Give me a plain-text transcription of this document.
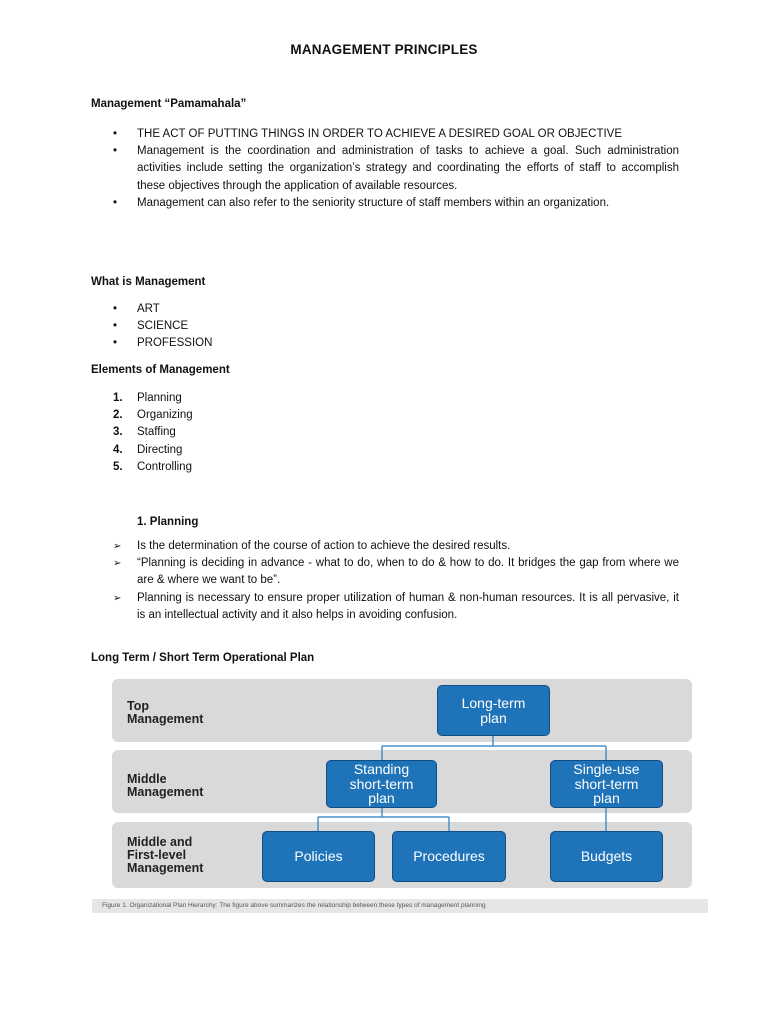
MANAGEMENT PRINCIPLES
Management “Pamamahala”
• THE ACT OF PUTTING THINGS IN ORDER TO ACHIEVE A DESIRED GOAL OR OBJECTIVE
• Management is the coordination and administration of tasks to achieve a goal. Such administration activities include setting the organization’s strategy and coordinating the efforts of staff to accomplish these objectives through the application of available resources.
• Management can also refer to the seniority structure of staff members within an organization.
What is Management
• ART
• SCIENCE
• PROFESSION
Elements of Management
1. Planning
2. Organizing
3. Staffing
4. Directing
5. Controlling
1. Planning
➢ Is the determination of the course of action to achieve the desired results.
➢ “Planning is deciding in advance - what to do, when to do & how to do. It bridges the gap from where we are & where we want to be”.
➢ Planning is necessary to ensure proper utilization of human & non-human resources. It is all pervasive, it is an intellectual activity and it also helps in avoiding confusion.
Long Term / Short Term Operational Plan
Top
Management
Middle
Management
Middle and
First-level
Management
Long-term
plan
Standing
short-term
plan
Single-use
short-term
plan
Policies	Procedures	Budgets
Figure 1. Organizational Plan Hierarchy: The figure above summarizes the relationship between these types of management planning
